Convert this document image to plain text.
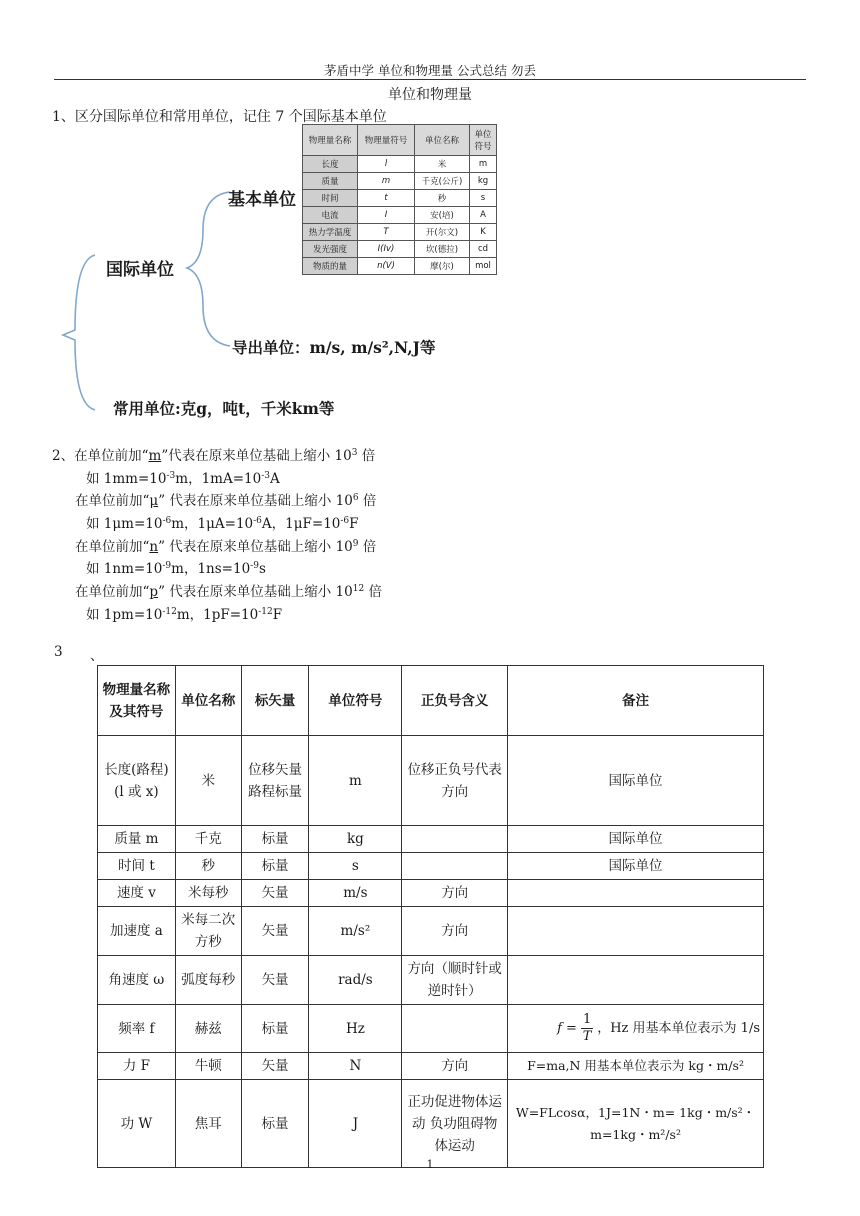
茅盾中学 单位和物理量 公式总结 勿丢
单位和物理量
1、区分国际单位和常用单位，记住 7 个国际基本单位
国际单位
基本单位
导出单位：m/s, m/s²,N,J等
常用单位:克g，吨t，千米km等
物理量名称	物理量符号	单位名称	单位符号
长度	l	米	m
质量	m	千克(公斤)	kg
时间	t	秒	s
电流	I	安(培)	A
热力学温度	T	开(尔文)	K
发光强度	I(Iv)	坎(德拉)	cd
物质的量	n(V)	摩(尔)	mol
2、在单位前加“m”代表在原来单位基础上缩小 $10^3$ 倍
如 $1mm=10^{-3}m$，$1mA=10^{-3}A$
在单位前加“μ” 代表在原来单位基础上缩小 $10^6$ 倍
如 $1\mu m=10^{-6}m$，$1\mu A=10^{-6}A$，$1\mu F=10^{-6}F$
在单位前加“n” 代表在原来单位基础上缩小 $10^9$ 倍
如 $1nm=10^{-9}m$，$1ns=10^{-9}s$
在单位前加“p” 代表在原来单位基础上缩小 $10^{12}$ 倍
如 $1pm=10^{-12}m$，$1pF=10^{-12}F$
3 、
物理量名称及其符号	单位名称	标矢量	单位符号	正负号含义	备注
长度(路程)(l 或 x)	米	位移矢量 路程标量	m	位移正负号代表方向	国际单位
质量 m	千克	标量	kg		国际单位
时间 t	秒	标量	s		国际单位
速度 v	米每秒	矢量	m/s	方向	
加速度 a	米每二次方秒	矢量	m/s²	方向	
角速度 ω	弧度每秒	矢量	rad/s	方向（顺时针或逆时针）	
频率 f	赫兹	标量	Hz		$f = \frac{1}{T}$ ，Hz 用基本单位表示为 1/s
力 F	牛顿	矢量	N	方向	F=ma,N 用基本单位表示为 kg・m/s²
功 W	焦耳	标量	J	正功促进物体运动 负功阻碍物体运动	W=FLcosα，1J=1N・m= 1kg・m/s²・m=1kg・m²/s²
1
